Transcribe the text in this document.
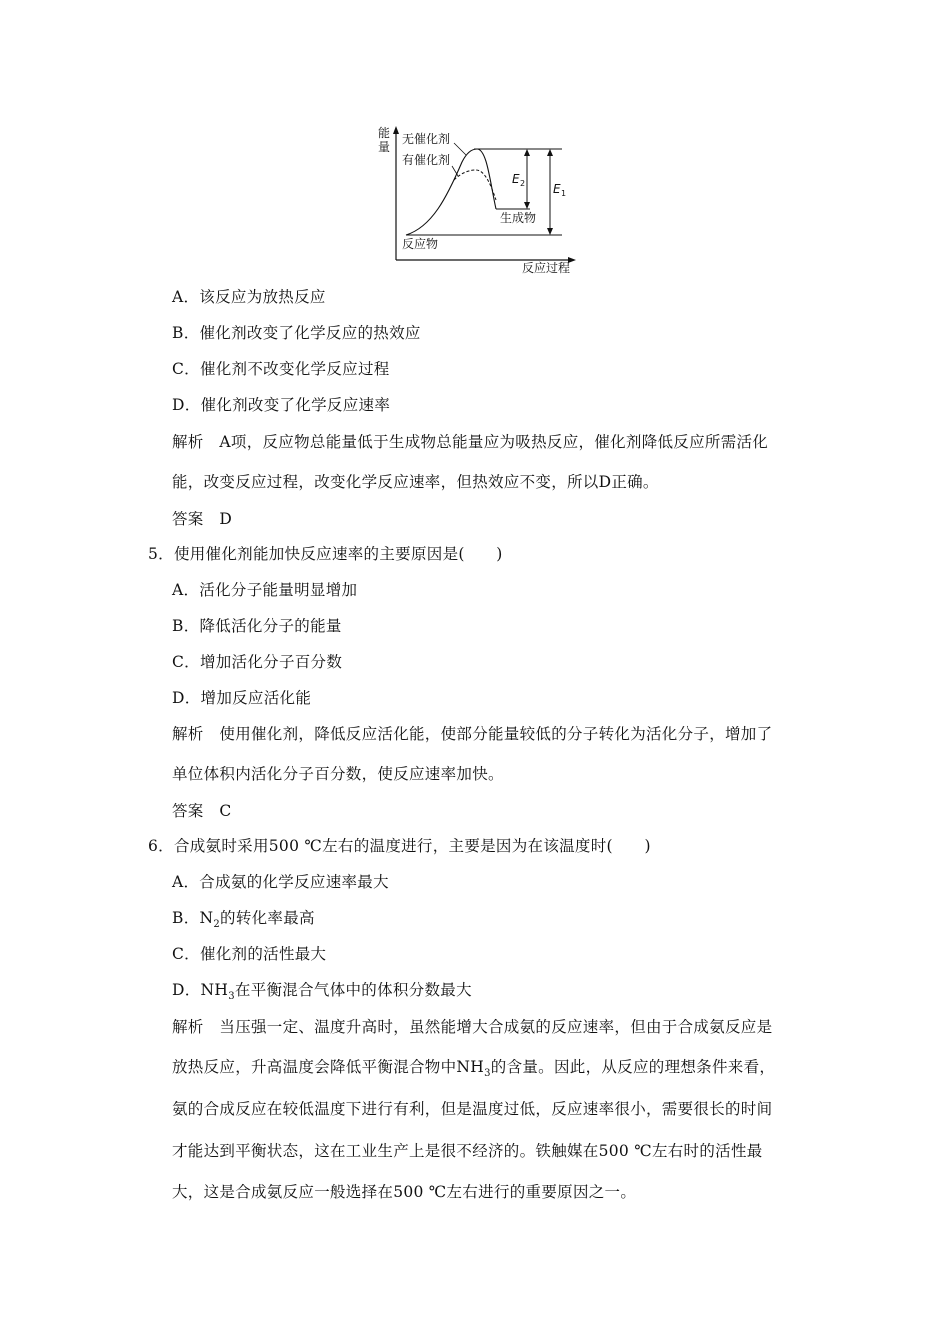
能
量
反应过程
反应物
生成物
无催化剂
有催化剂
E 2 E 1
A．该反应为放热反应
B．催化剂改变了化学反应的热效应
C．催化剂不改变化学反应过程
D．催化剂改变了化学反应速率
解析　A项，反应物总能量低于生成物总能量应为吸热反应，催化剂降低反应所需活化
能，改变反应过程，改变化学反应速率，但热效应不变，所以D正确。
答案　D
5．使用催化剂能加快反应速率的主要原因是(　　)
A．活化分子能量明显增加
B．降低活化分子的能量
C．增加活化分子百分数
D．增加反应活化能
解析　使用催化剂，降低反应活化能，使部分能量较低的分子转化为活化分子，增加了
单位体积内活化分子百分数，使反应速率加快。
答案　C
6．合成氨时采用500 ℃左右的温度进行，主要是因为在该温度时(　　)
A．合成氨的化学反应速率最大
B．$N_2$的转化率最高
C．催化剂的活性最大
D．$NH_3$在平衡混合气体中的体积分数最大
解析　当压强一定、温度升高时，虽然能增大合成氨的反应速率，但由于合成氨反应是
放热反应，升高温度会降低平衡混合物中$NH_3$的含量。因此，从反应的理想条件来看，
氨的合成反应在较低温度下进行有利，但是温度过低，反应速率很小，需要很长的时间
才能达到平衡状态，这在工业生产上是很不经济的。铁触媒在500 ℃左右时的活性最
大，这是合成氨反应一般选择在500 ℃左右进行的重要原因之一。
